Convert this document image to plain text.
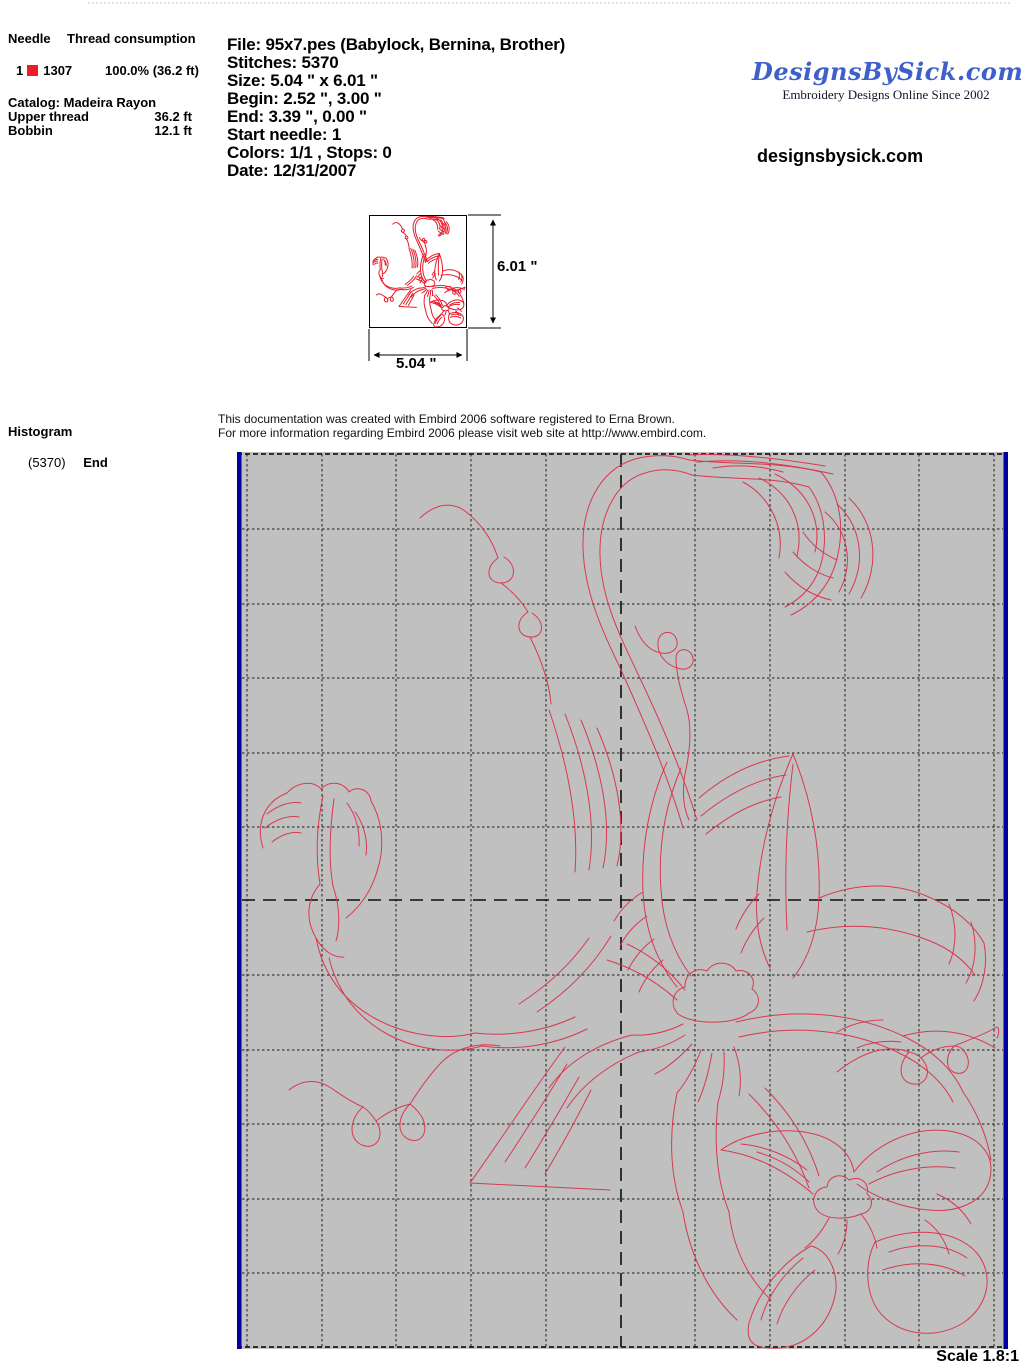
Needle Thread consumption
1 1307	100.0% (36.2 ft)
Catalog: Madeira Rayon
Upper thread	36.2 ft
Bobbin	12.1 ft
File: 95x7.pes (Babylock, Bernina, Brother)
Stitches: 5370
Size: 5.04 " x 6.01 "
Begin: 2.52 ", 3.00 "
End: 3.39 ", 0.00 "
Start needle: 1
Colors: 1/1 , Stops: 0
Date: 12/31/2007
DesignsBySick.com
Embroidery Designs Online Since 2002
designsbysick.com
6.01 "
5.04 "
Histogram
(5370) End
This documentation was created with Embird 2006 software registered to Erna Brown.
For more information regarding Embird 2006 please visit web site at http://www.embird.com.
Scale 1.8:1
